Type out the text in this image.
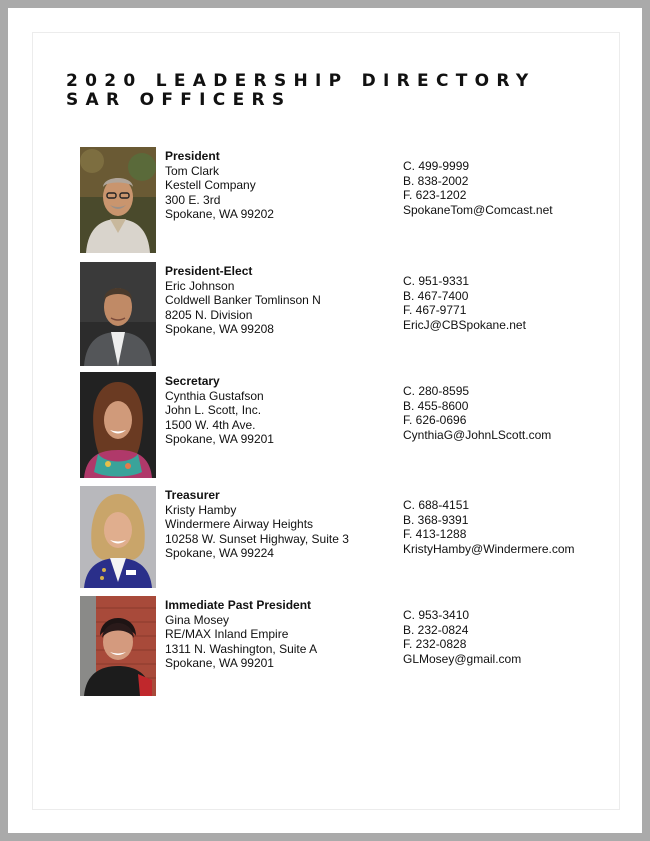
2020 LEADERSHIP DIRECTORY
SAR OFFICERS
President
Tom Clark
Kestell Company
300 E. 3rd
Spokane, WA 99202
C. 499-9999
B. 838-2002
F. 623-1202
SpokaneTom@Comcast.net
President-Elect
Eric Johnson
Coldwell Banker Tomlinson N
8205 N. Division
Spokane, WA 99208
C. 951-9331
B. 467-7400
F. 467-9771
EricJ@CBSpokane.net
Secretary
Cynthia Gustafson
John L. Scott, Inc.
1500 W. 4th Ave.
Spokane, WA 99201
C. 280-8595
B. 455-8600
F. 626-0696
CynthiaG@JohnLScott.com
Treasurer
Kristy Hamby
Windermere Airway Heights
10258 W. Sunset Highway, Suite 3
Spokane, WA 99224
C. 688-4151
B. 368-9391
F. 413-1288
KristyHamby@Windermere.com
Immediate Past President
Gina Mosey
RE/MAX Inland Empire
1311 N. Washington, Suite A
Spokane, WA 99201
C. 953-3410
B. 232-0824
F. 232-0828
GLMosey@gmail.com
